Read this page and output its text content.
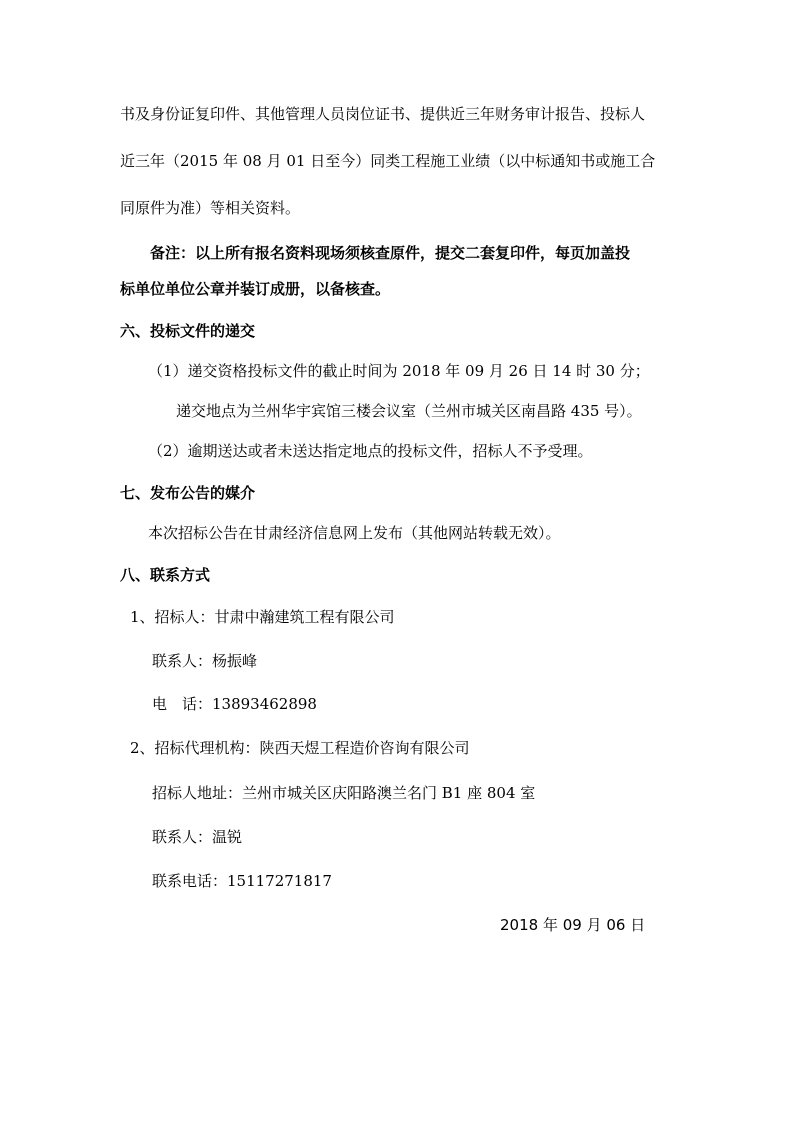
书及身份证复印件、其他管理人员岗位证书、提供近三年财务审计报告、投标人
近三年（2015 年 08 月 01 日至今）同类工程施工业绩（以中标通知书或施工合
同原件为准）等相关资料。
备注：以上所有报名资料现场须核查原件，提交二套复印件，每页加盖投
标单位单位公章并装订成册，以备核查。
六、投标文件的递交
（1）递交资格投标文件的截止时间为 2018 年 09 月 26 日 14 时 30 分；
递交地点为兰州华宇宾馆三楼会议室（兰州市城关区南昌路 435 号）。
（2）逾期送达或者未送达指定地点的投标文件，招标人不予受理。
七、发布公告的媒介
本次招标公告在甘肃经济信息网上发布（其他网站转载无效）。
八、联系方式
1、招标人：甘肃中瀚建筑工程有限公司
联系人：杨振峰
电　话：13893462898
2、招标代理机构：陕西天煜工程造价咨询有限公司
招标人地址：兰州市城关区庆阳路澳兰名门 B1 座 804 室
联系人：温锐
联系电话：15117271817
2018 年 09 月 06 日
